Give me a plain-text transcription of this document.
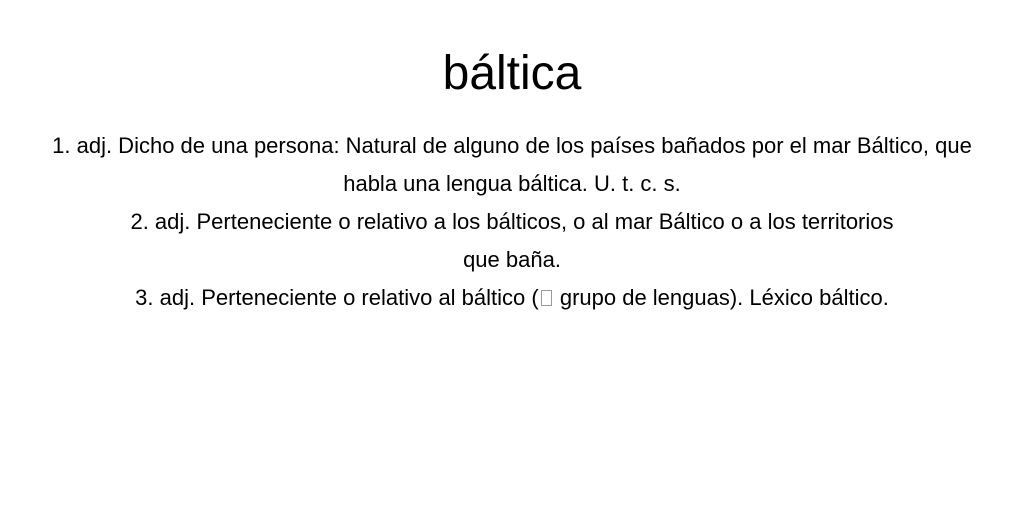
báltica
1. adj. Dicho de una persona: Natural de alguno de los países bañados por el mar Báltico, que habla una lengua báltica. U. t. c. s.
2. adj. Perteneciente o relativo a los bálticos, o al mar Báltico o a los territorios que baña.
3. adj. Perteneciente o relativo al báltico ( grupo de lenguas). Léxico báltico.
